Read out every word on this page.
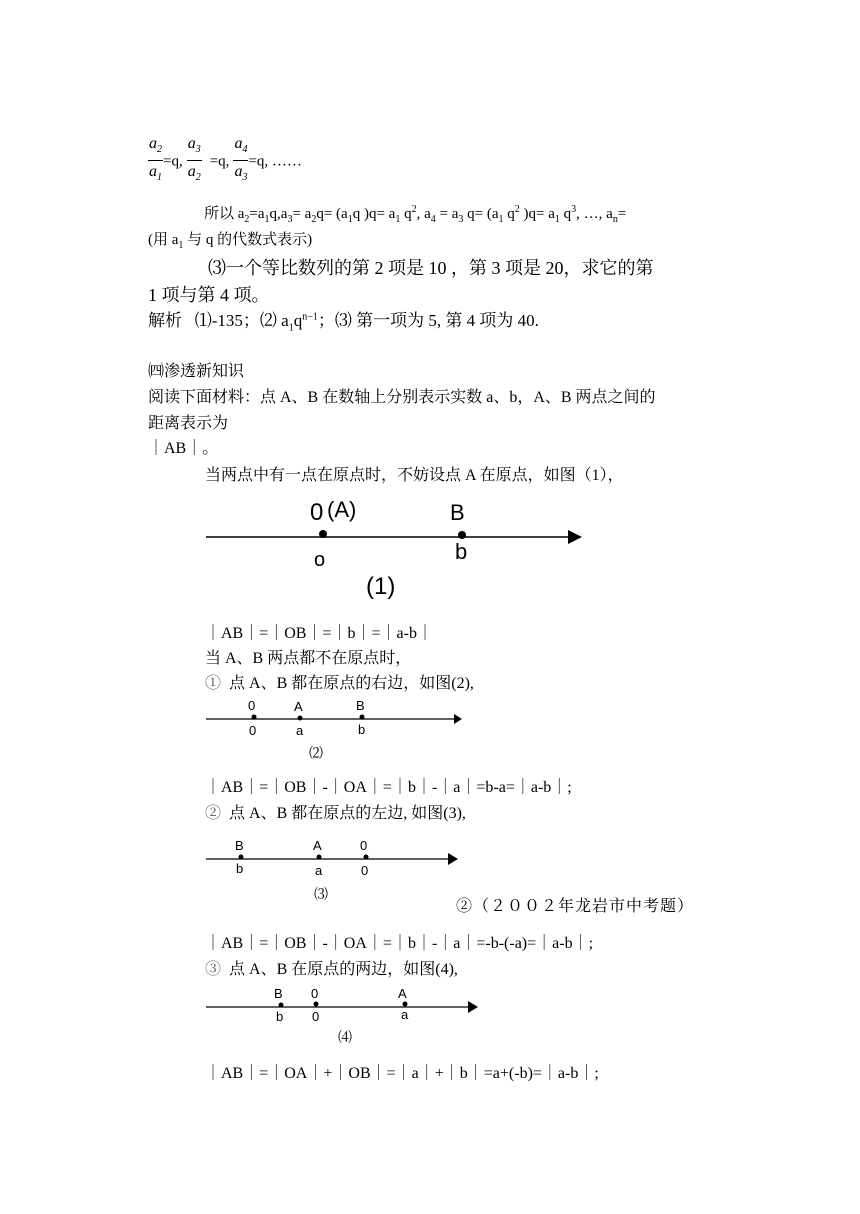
$\frac{a_2}{a_1} =q$, $\frac{a_3}{a_2} =q$, $\frac{a_4}{a_3} =q$, ……
所以 $a_2=a_1q,a_3= a_2q= (a_1q$ )$q= a_1$ $q^2$, $a_4 = a_3$ $q= (a_1$ $q^2$ )$q= a_1$ $q^3$, …, $a_n=$
(用 $a_1$ 与 q 的代数式表示)
⑶一个等比数列的第 2 项是 10 ，第 3 项是 20，求它的第
1 项与第 4 项。
解析 ⑴-135；⑵ $a_1q^{n-1}$；⑶ 第一项为 5, 第 4 项为 40.
㈣渗透新知识
阅读下面材料：点 A、B 在数轴上分别表示实数 a、b，A、B 两点之间的
距离表示为
｜AB｜。
当两点中有一点在原点时，不妨设点 A 在原点，如图（1），
0 (A)	B
o	b
(1)
｜AB｜=｜OB｜=｜b｜=｜a-b｜
当 A、B 两点都不在原点时，
① 点 A、B 都在原点的右边，如图(2),
0	A	B
0	a	b
⑵
｜AB｜=｜OB｜-｜OA｜=｜b｜-｜a｜=b-a=｜a-b｜;
② 点 A、B 都在原点的左边, 如图(3),
B	A	0
b	a	0
⑶
②（２００２年龙岩市中考题）
｜AB｜=｜OB｜-｜OA｜=｜b｜-｜a｜=-b-(-a)=｜a-b｜;
③ 点 A、B 在原点的两边，如图(4),
B 0	A
b 0	a
⑷
｜AB｜=｜OA｜+｜OB｜=｜a｜+｜b｜=a+(-b)=｜a-b｜;
